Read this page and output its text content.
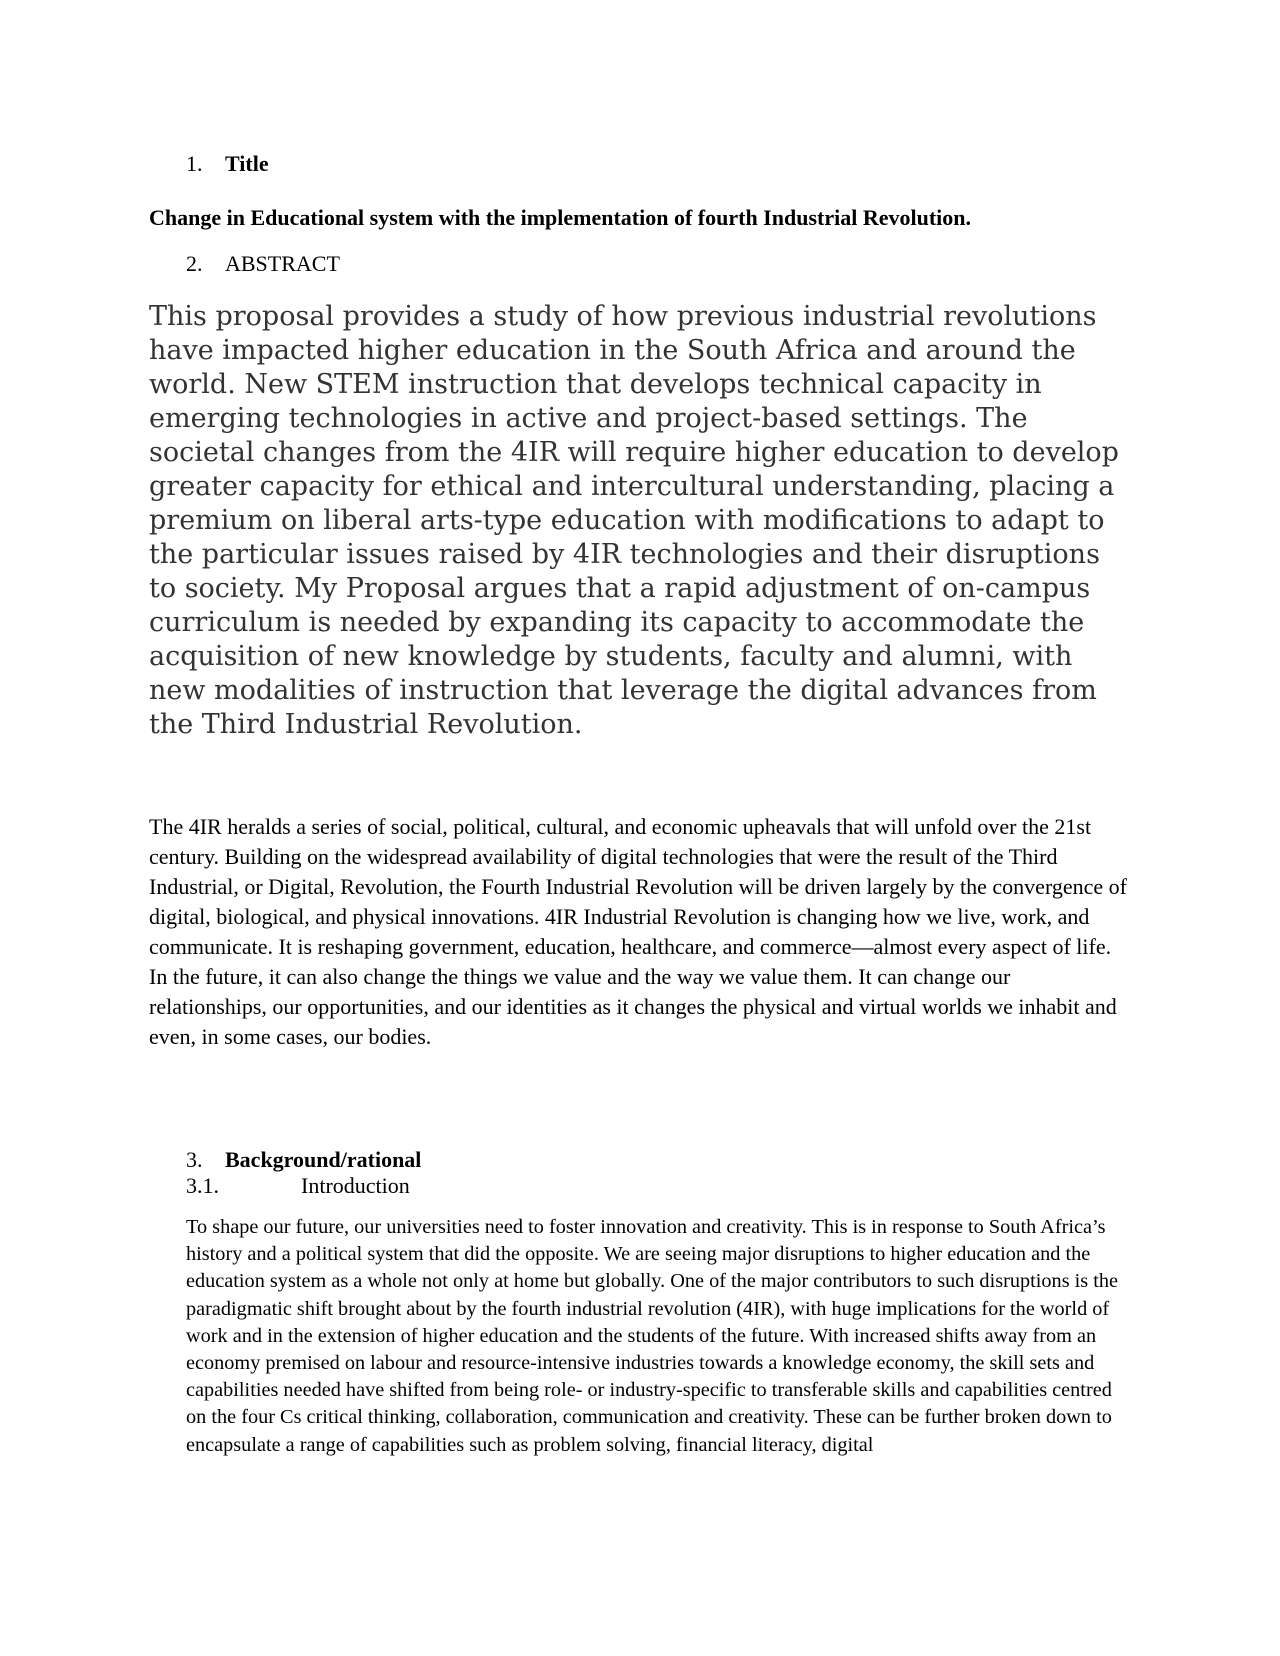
1. Title
Change in Educational system with the implementation of fourth Industrial Revolution.
2. ABSTRACT

This proposal provides a study of how previous industrial revolutions have impacted higher education in the South Africa and around the world. New STEM instruction that develops technical capacity in emerging technologies in active and project-based settings. The societal changes from the 4IR will require higher education to develop greater capacity for ethical and intercultural understanding, placing a premium on liberal arts-type education with modifications to adapt to the particular issues raised by 4IR technologies and their disruptions to society. My Proposal argues that a rapid adjustment of on-campus curriculum is needed by expanding its capacity to accommodate the acquisition of new knowledge by students, faculty and alumni, with new modalities of instruction that leverage the digital advances from the Third Industrial Revolution.

The 4IR heralds a series of social, political, cultural, and economic upheavals that will unfold over the 21st century. Building on the widespread availability of digital technologies that were the result of the Third Industrial, or Digital, Revolution, the Fourth Industrial Revolution will be driven largely by the convergence of digital, biological, and physical innovations. 4IR Industrial Revolution is changing how we live, work, and communicate. It is reshaping government, education, healthcare, and commerce—almost every aspect of life. In the future, it can also change the things we value and the way we value them. It can change our relationships, our opportunities, and our identities as it changes the physical and virtual worlds we inhabit and even, in some cases, our bodies.

3. Background/rational
3.1.	Introduction

To shape our future, our universities need to foster innovation and creativity. This is in response to South Africa’s history and a political system that did the opposite. We are seeing major disruptions to higher education and the education system as a whole not only at home but globally. One of the major contributors to such disruptions is the paradigmatic shift brought about by the fourth industrial revolution (4IR), with huge implications for the world of work and in the extension of higher education and the students of the future. With increased shifts away from an economy premised on labour and resource-intensive industries towards a knowledge economy, the skill sets and capabilities needed have shifted from being role- or industry-specific to transferable skills and capabilities centred on the four Cs critical thinking, collaboration, communication and creativity. These can be further broken down to encapsulate a range of capabilities such as problem solving, financial literacy, digital
